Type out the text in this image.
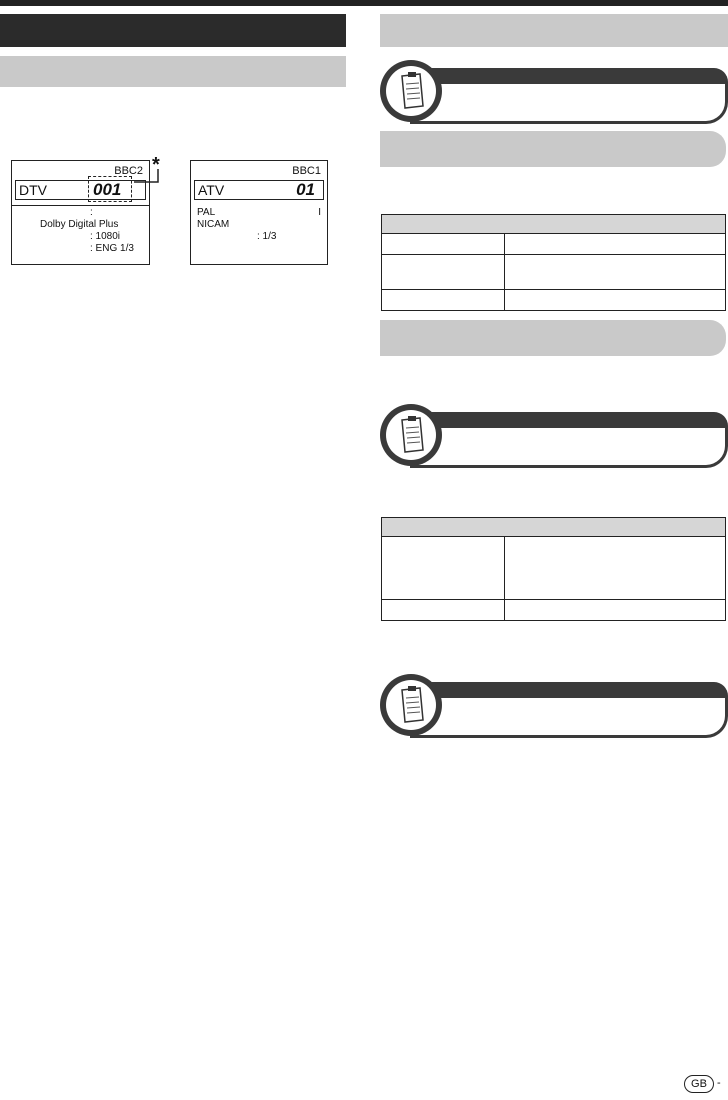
BBC2
DTV	001
:
Dolby Digital Plus
: 1080i
: ENG 1/3
*	BBC1
ATV	01
PAL	I
NICAM
: 1/3

GB -
